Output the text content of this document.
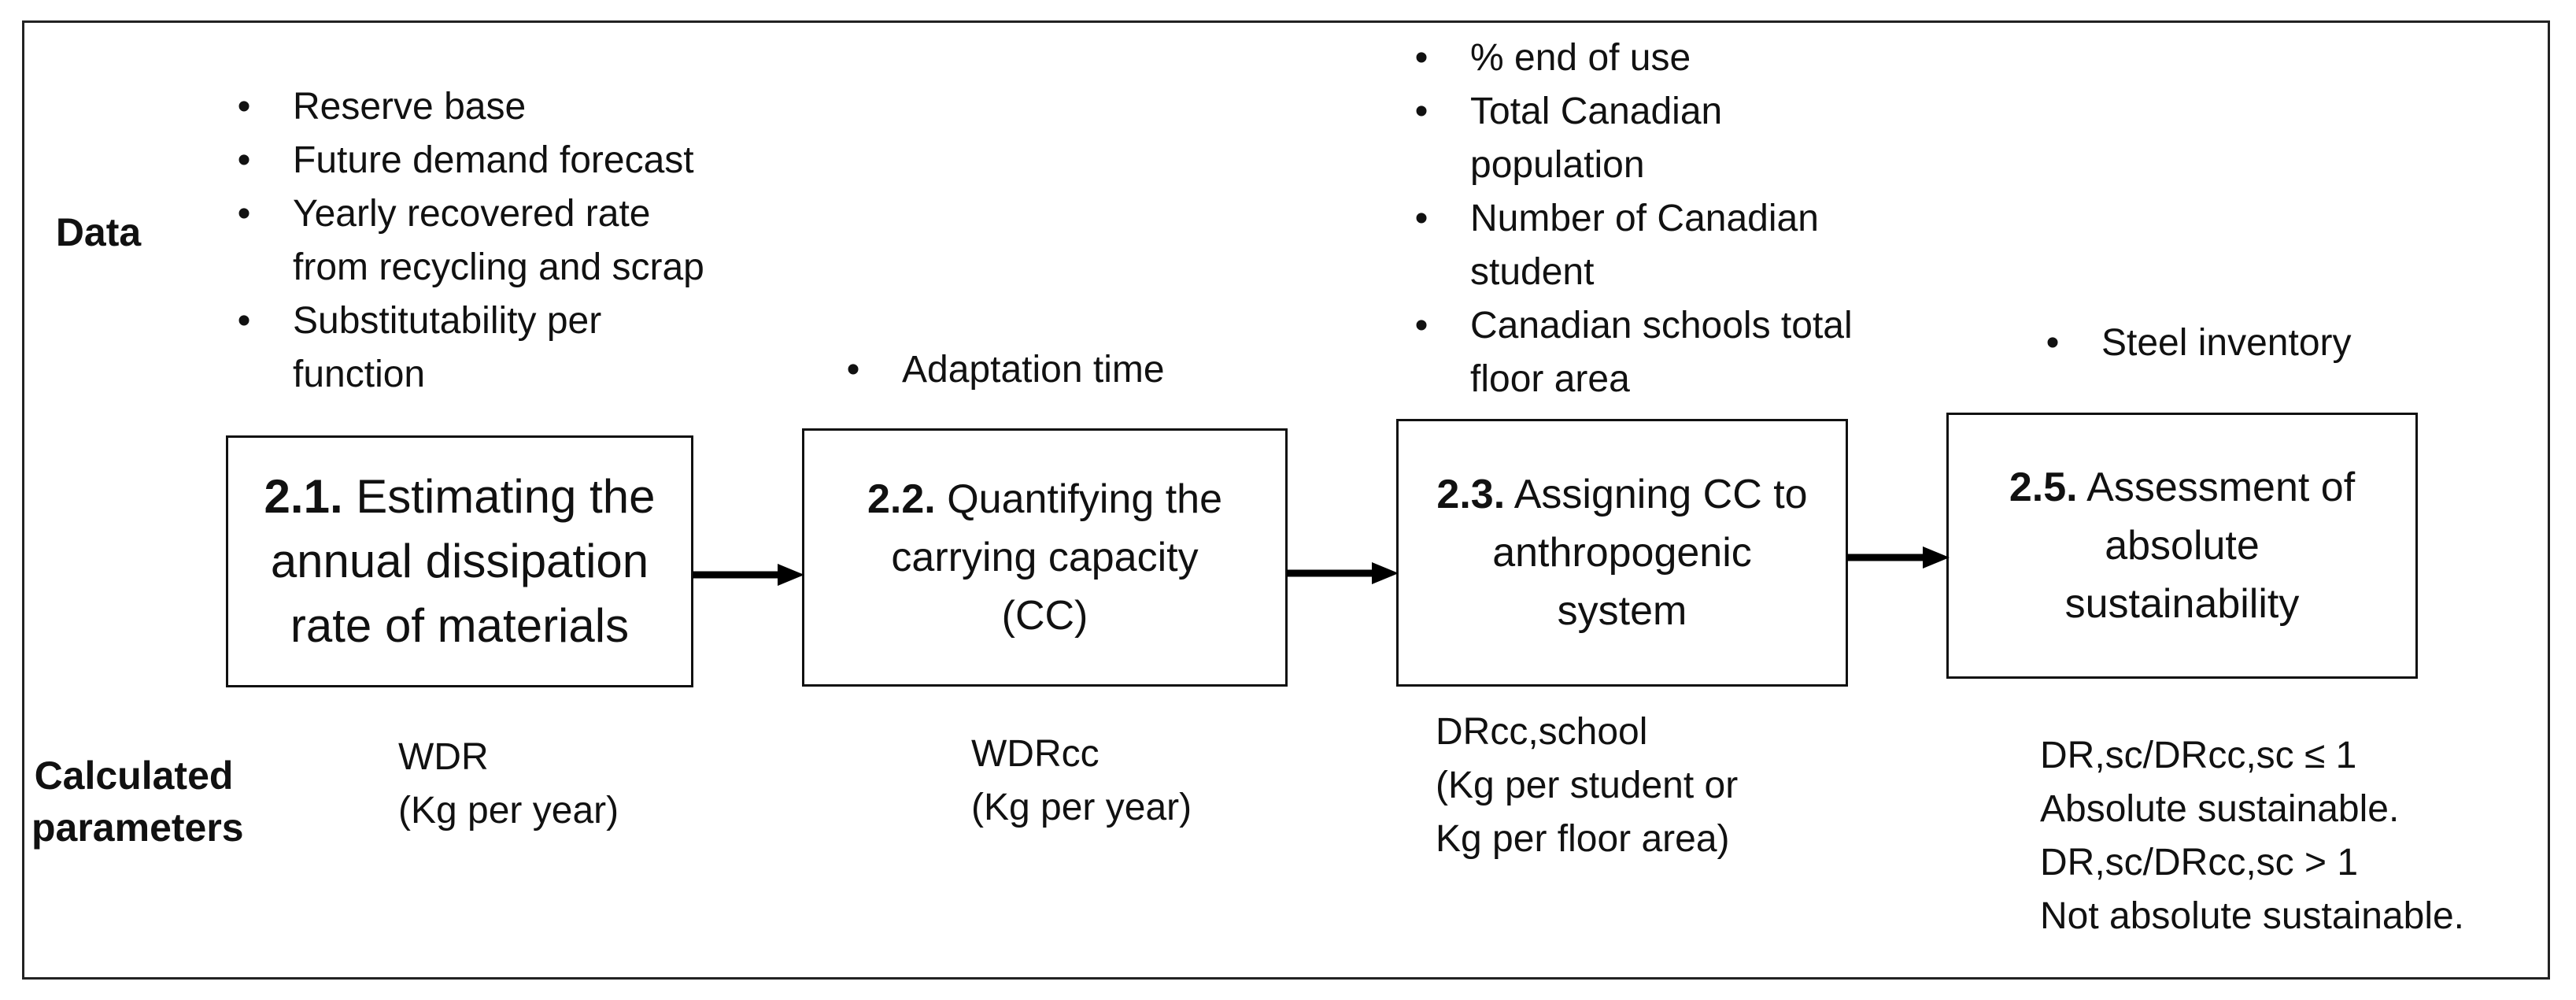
Data
Calculated
parameters
• Reserve base
• Future demand forecast
• Yearly recovered rate
from recycling and scrap
• Substitutability per
function
•	Adaptation time
• % end of use
• Total Canadian
population
• Number of Canadian
student
• Canadian schools total
floor area
• Steel inventory
2.1. Estimating the
annual dissipation
rate of materials
2.2. Quantifying the
carrying capacity
(CC)
2.3. Assigning CC to
anthropogenic
system
2.5. Assessment of
absolute
sustainability
WDR
(Kg per year)
WDRcc
(Kg per year)
DRcc,school
(Kg per student or
Kg per floor area)
DR,sc/DRcc,sc ≤ 1
Absolute sustainable.
DR,sc/DRcc,sc > 1
Not absolute sustainable.
